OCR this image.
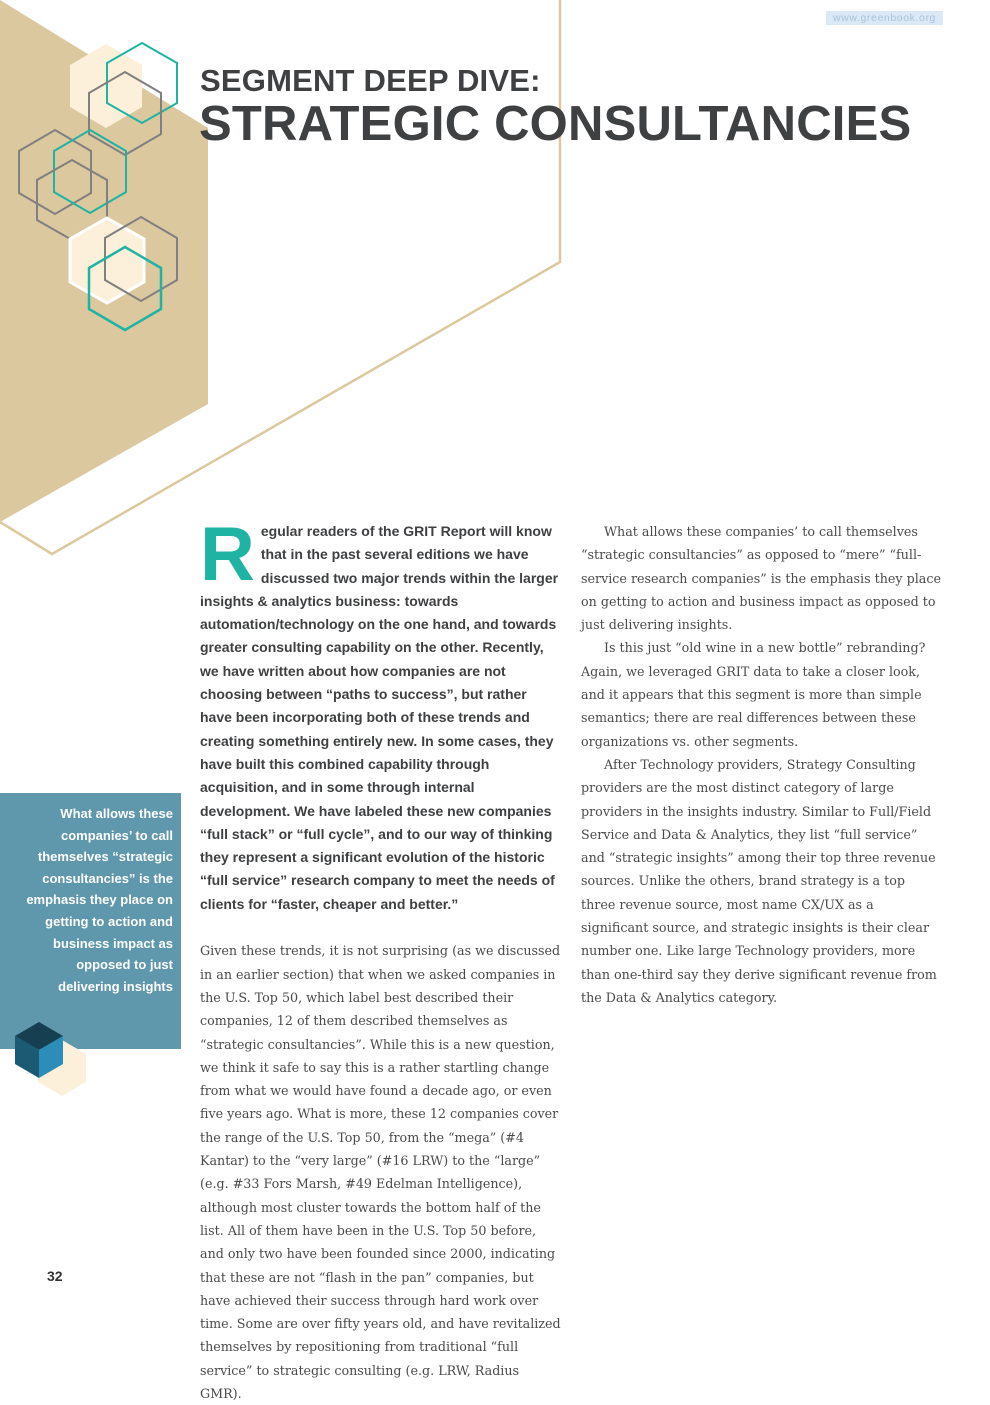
www.greenbook.org
SEGMENT DEEP DIVE:
STRATEGIC CONSULTANCIES

Regular readers of the GRIT Report will know that in the past several editions we have discussed two major trends within the larger insights & analytics business: towards automation/technology on the one hand, and towards greater consulting capability on the other. Recently, we have written about how companies are not choosing between “paths to success”, but rather have been incorporating both of these trends and creating something entirely new. In some cases, they have built this combined capability through acquisition, and in some through internal development. We have labeled these new companies “full stack” or “full cycle”, and to our way of thinking they represent a significant evolution of the historic “full service” research company to meet the needs of clients for “faster, cheaper and better.”

Given these trends, it is not surprising (as we discussed in an earlier section) that when we asked companies in the U.S. Top 50, which label best described their companies, 12 of them described themselves as “strategic consultancies”. While this is a new question, we think it safe to say this is a rather startling change from what we would have found a decade ago, or even five years ago. What is more, these 12 companies cover the range of the U.S. Top 50, from the “mega” (#4 Kantar) to the “very large” (#16 LRW) to the “large” (e.g. #33 Fors Marsh, #49 Edelman Intelligence), although most cluster towards the bottom half of the list. All of them have been in the U.S. Top 50 before, and only two have been founded since 2000, indicating that these are not “flash in the pan” companies, but have achieved their success through hard work over time. Some are over fifty years old, and have revitalized themselves by repositioning from traditional “full service” to strategic consulting (e.g. LRW, Radius GMR).

What allows these companies’ to call themselves “strategic consultancies” as opposed to “mere” “full-service research companies” is the emphasis they place on getting to action and business impact as opposed to just delivering insights.

Is this just “old wine in a new bottle” rebranding? Again, we leveraged GRIT data to take a closer look, and it appears that this segment is more than simple semantics; there are real differences between these organizations vs. other segments.

After Technology providers, Strategy Consulting providers are the most distinct category of large providers in the insights industry. Similar to Full/Field Service and Data & Analytics, they list “full service” and “strategic insights” among their top three revenue sources. Unlike the others, brand strategy is a top three revenue source, most name CX/UX as a significant source, and strategic insights is their clear number one. Like large Technology providers, more than one-third say they derive significant revenue from the Data & Analytics category.

What allows these companies’ to call themselves “strategic consultancies” is the emphasis they place on getting to action and business impact as opposed to just delivering insights

32
